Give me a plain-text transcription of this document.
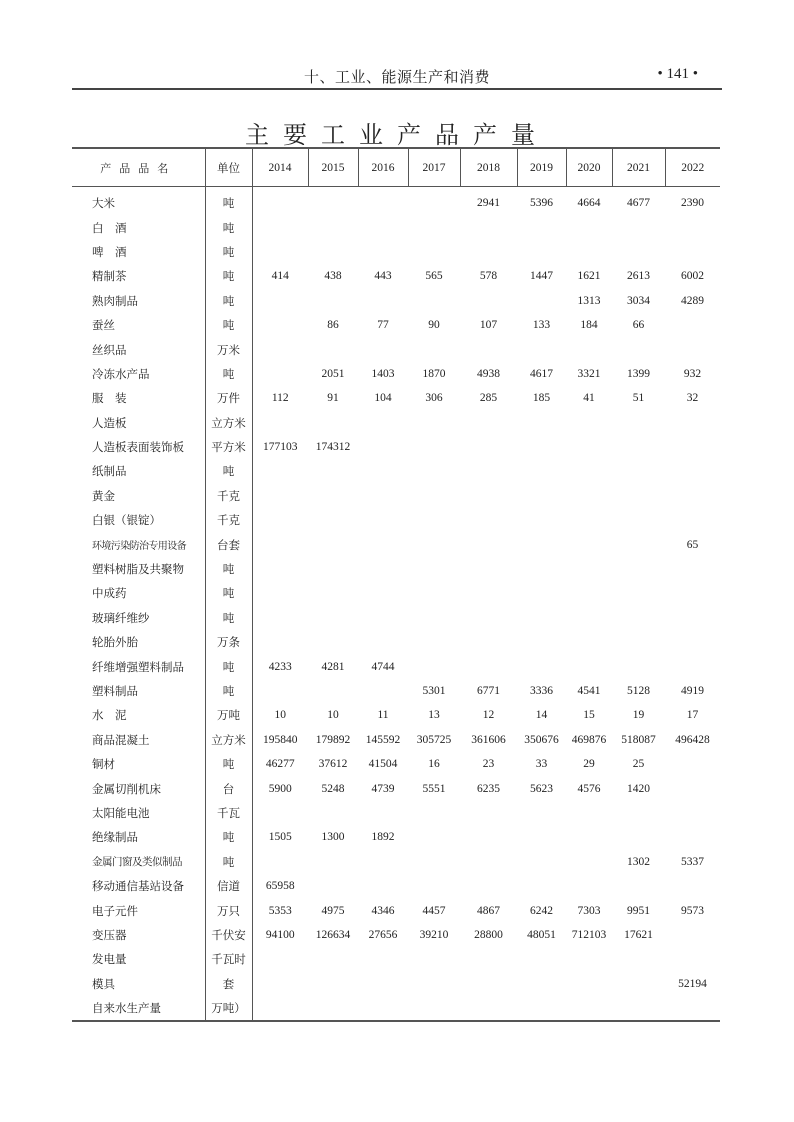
十、工业、能源生产和消费	• 141 •
主要工业产品产量
产品品名	单位	2014	2015	2016	2017	2018	2019	2020	2021	2022
大米	吨					2941	5396	4664	4677	2390
白　酒	吨									
啤　酒	吨									
精制茶	吨	414	438	443	565	578	1447	1621	2613	6002
熟肉制品	吨							1313	3034	4289
蚕丝	吨		86	77	90	107	133	184	66	
丝织品	万米									
冷冻水产品	吨		2051	1403	1870	4938	4617	3321	1399	932
服　装	万件	112	91	104	306	285	185	41	51	32
人造板	立方米									
人造板表面装饰板	平方米	177103	174312							
纸制品	吨									
黄金	千克									
白银（银锭）	千克									
环境污染防治专用设备	台套									65
塑料树脂及共聚物	吨									
中成药	吨									
玻璃纤维纱	吨									
轮胎外胎	万条									
纤维增强塑料制品	吨	4233	4281	4744						
塑料制品	吨				5301	6771	3336	4541	5128	4919
水　泥	万吨	10	10	11	13	12	14	15	19	17
商品混凝土	立方米	195840	179892	145592	305725	361606	350676	469876	518087	496428
铜材	吨	46277	37612	41504	16	23	33	29	25	
金属切削机床	台	5900	5248	4739	5551	6235	5623	4576	1420	
太阳能电池	千瓦									
绝缘制品	吨	1505	1300	1892						
金属门窗及类似制品	吨								1302	5337
移动通信基站设备	信道	65958								
电子元件	万只	5353	4975	4346	4457	4867	6242	7303	9951	9573
变压器	千伏安	94100	126634	27656	39210	28800	48051	712103	17621	
发电量	千瓦时									
模具	套									52194
自来水生产量	万吨）									
